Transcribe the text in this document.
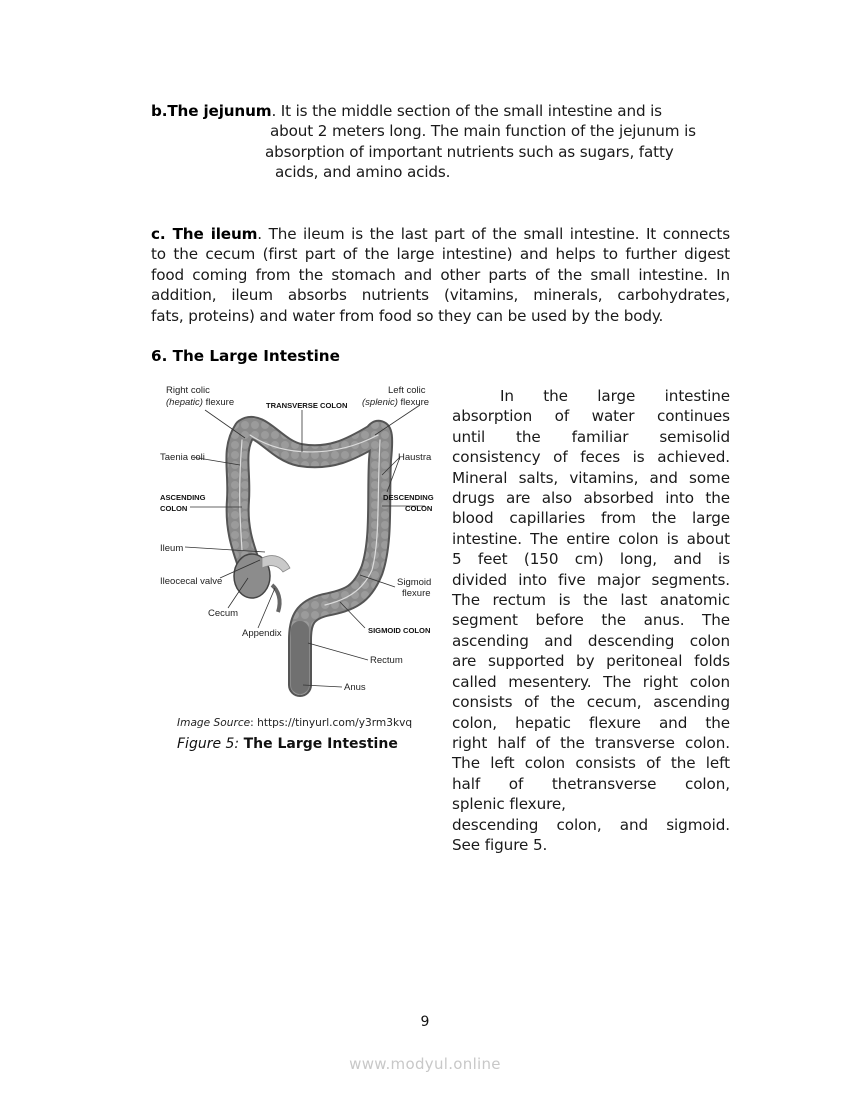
b.The jejunum. It is the middle section of the small intestine and is
about 2 meters long. The main function of the jejunum is
absorption of important nutrients such as sugars, fatty
acids, and amino acids.
c. The ileum. The ileum is the last part of the small intestine. It connects
to the cecum (first part of the large intestine) and helps to further digest
food coming from the stomach and other parts of the small intestine. In
addition, ileum absorbs nutrients (vitamins, minerals, carbohydrates,
fats, proteins) and water from food so they can be used by the body.
6. The Large Intestine
Right colic
(hepatic) flexure	TRANSVERSE COLON
Left colic
(splenic) flexure
Taenia coli	Haustra
ASCENDING
COLON
DESCENDING
COLON
Ileum
Ileocecal valve
Cecum
Appendix
Sigmoid
flexure
SIGMOID COLON
Rectum
Anus
Image Source: https://tinyurl.com/y3rm3kvq
Figure 5: The Large Intestine
In the large intestine
absorption of water continues
until the familiar semisolid
consistency of feces is achieved.
Mineral salts, vitamins, and some
drugs are also absorbed into the
blood capillaries from the large
intestine. The entire colon is about
5 feet (150 cm) long, and is
divided into five major segments.
The rectum is the last anatomic
segment before the anus. The
ascending and descending colon
are supported by peritoneal folds
called mesentery. The right colon
consists of the cecum, ascending
colon, hepatic flexure and the
right half of the transverse colon.
The left colon consists of the left
half of thetransverse colon,
splenic flexure,
descending colon, and sigmoid.
See figure 5.
9
www.modyul.online
